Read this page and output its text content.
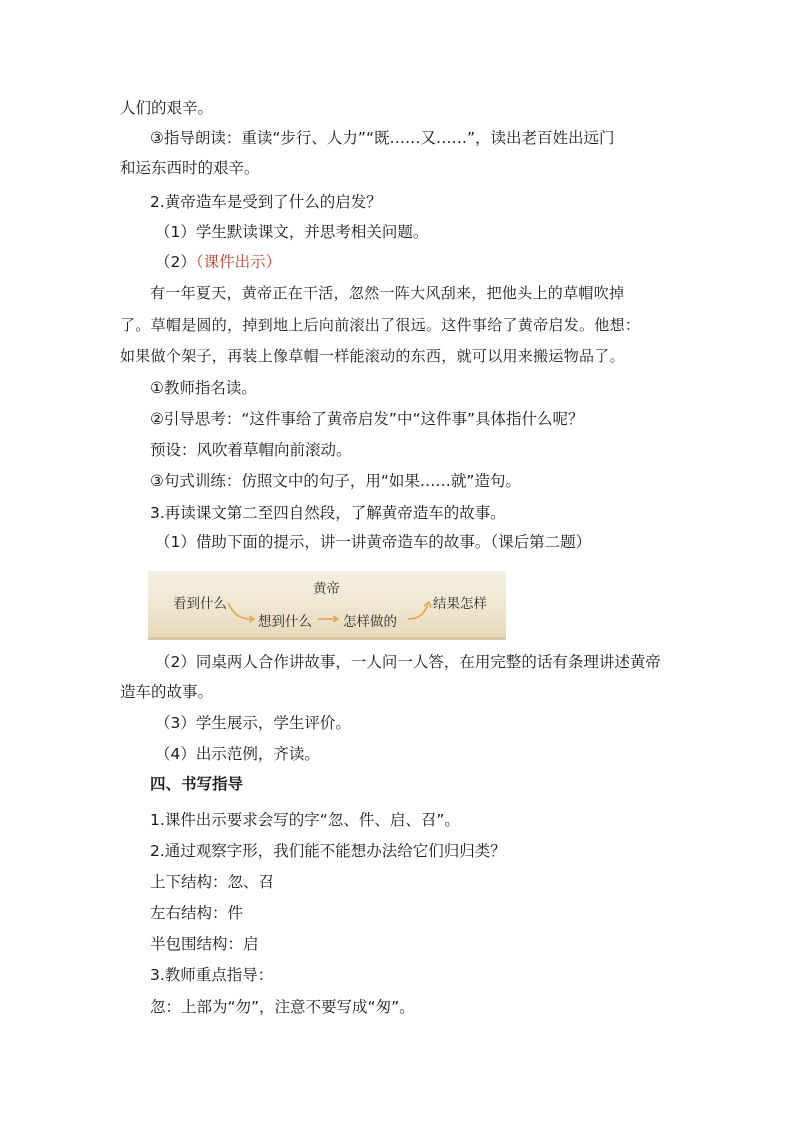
人们的艰辛。
③指导朗读：重读“步行、人力”“既……又……”，读出老百姓出远门
和运东西时的艰辛。
2.黄帝造车是受到了什么的启发？
（1）学生默读课文，并思考相关问题。
（2）（课件出示）
有一年夏天，黄帝正在干活，忽然一阵大风刮来，把他头上的草帽吹掉
了。草帽是圆的，掉到地上后向前滚出了很远。这件事给了黄帝启发。他想：
如果做个架子，再装上像草帽一样能滚动的东西，就可以用来搬运物品了。
①教师指名读。
②引导思考：“这件事给了黄帝启发”中“这件事”具体指什么呢？
预设：风吹着草帽向前滚动。
③句式训练：仿照文中的句子，用“如果……就”造句。
3.再读课文第二至四自然段，了解黄帝造车的故事。
（1）借助下面的提示，讲一讲黄帝造车的故事。（课后第二题）
黄帝
看到什么
想到什么 怎样做的
结果怎样
（2）同桌两人合作讲故事，一人问一人答，在用完整的话有条理讲述黄帝
造车的故事。
（3）学生展示，学生评价。
（4）出示范例，齐读。
四、书写指导
1.课件出示要求会写的字“忽、件、启、召”。
2.通过观察字形，我们能不能想办法给它们归归类？
上下结构：忽、召
左右结构：件
半包围结构：启
3.教师重点指导：
忽：上部为“勿”，注意不要写成“匆”。
